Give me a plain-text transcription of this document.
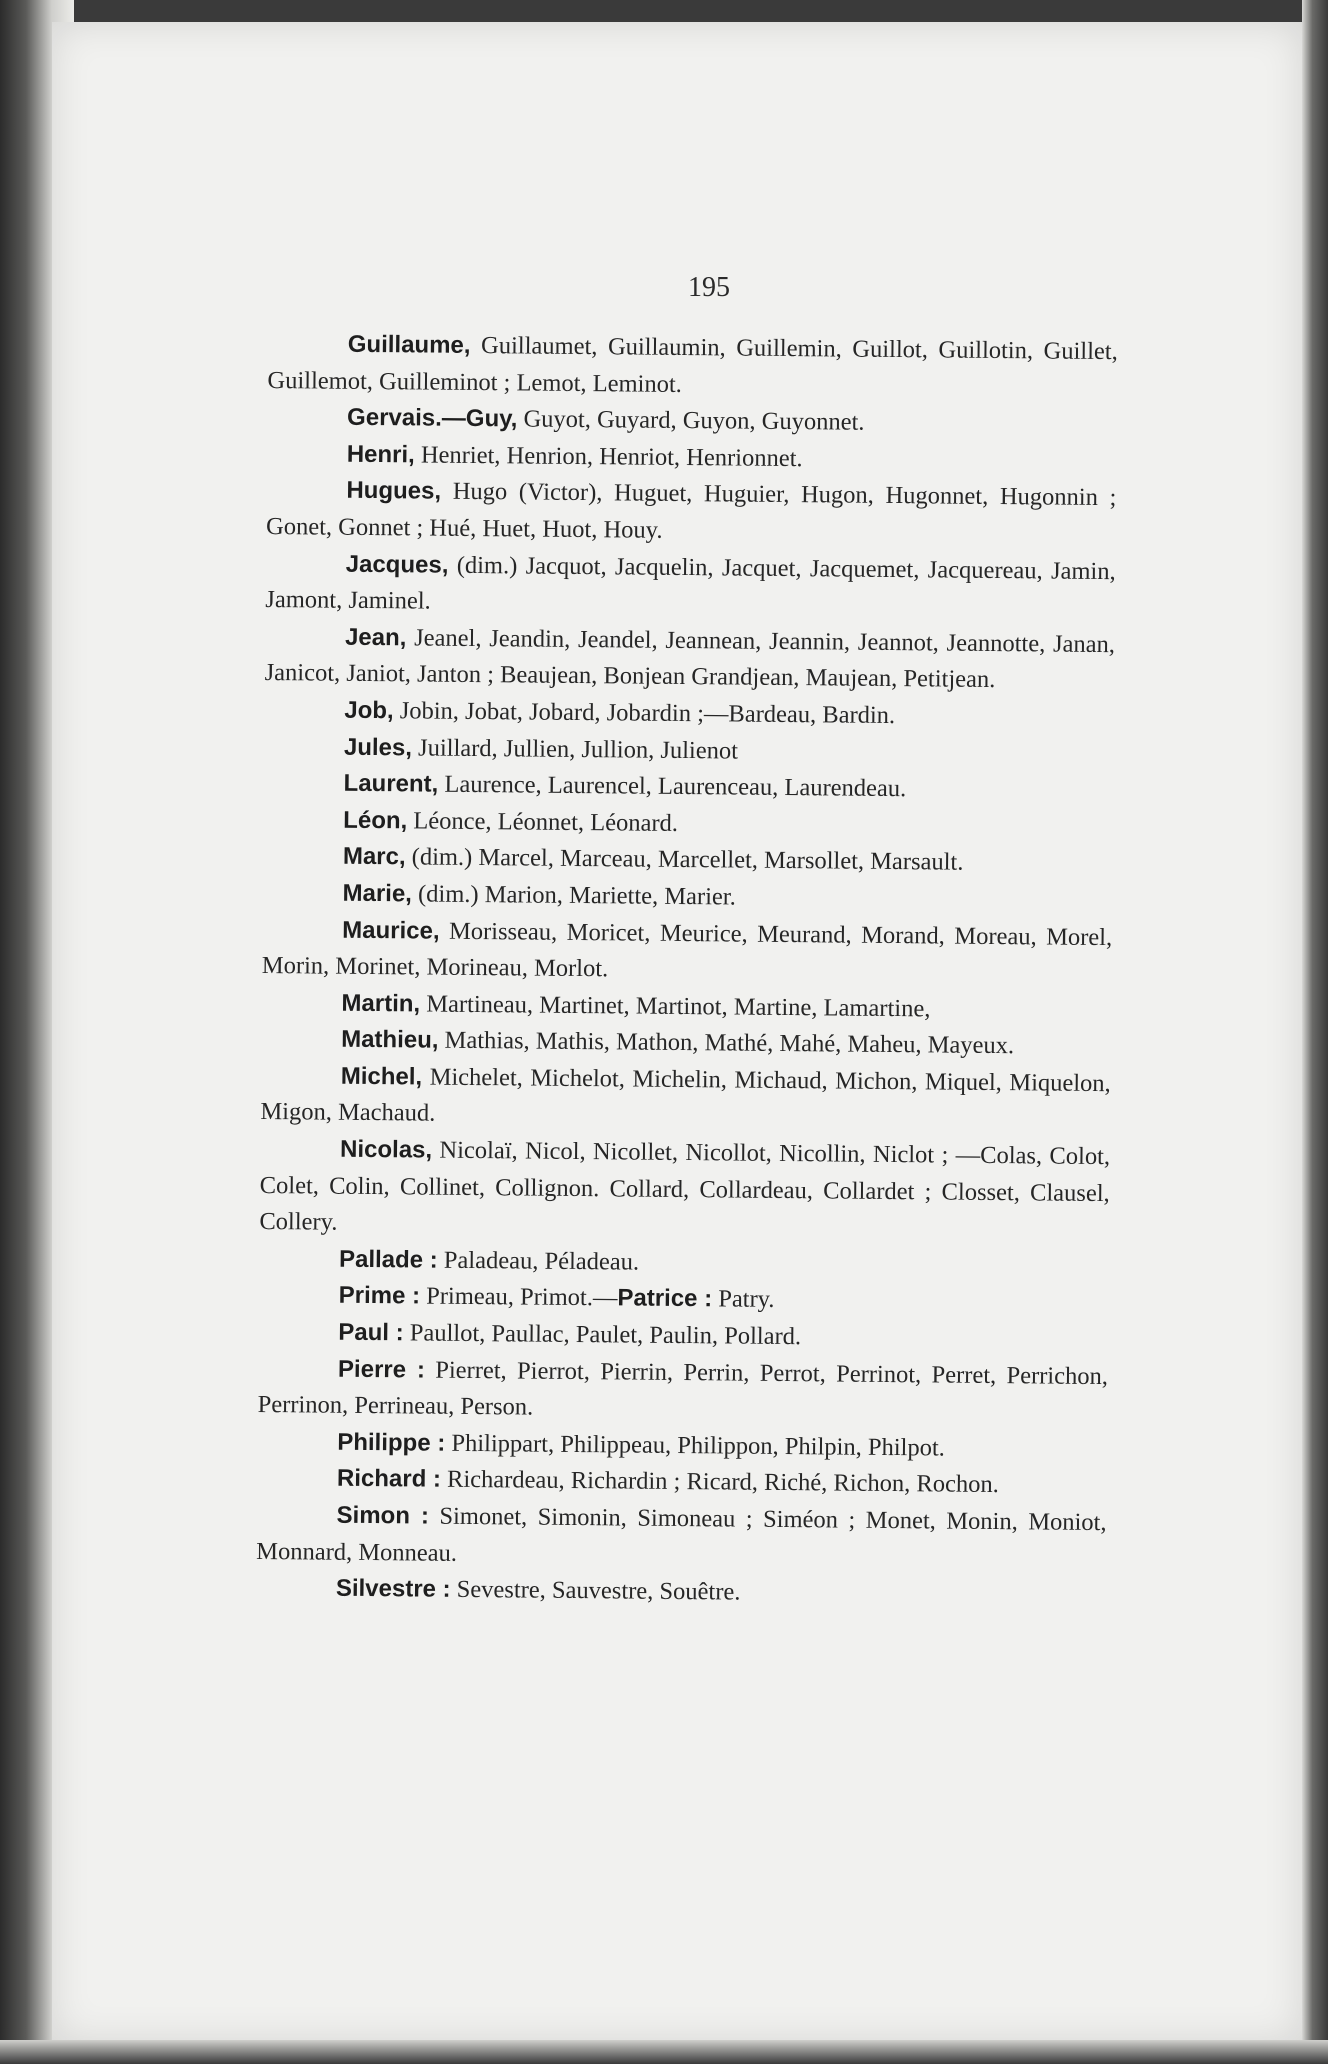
195

Guillaume, Guillaumet, Guillaumin, Guillemin, Guillot, Guillotin, Guillet, Guillemot, Guilleminot ; Lemot, Leminot.

Gervais.—Guy, Guyot, Guyard, Guyon, Guyonnet.

Henri, Henriet, Henrion, Henriot, Henrionnet.

Hugues, Hugo (Victor), Huguet, Huguier, Hugon, Hugonnet, Hugonnin ; Gonet, Gonnet ; Hué, Huet, Huot, Houy.

Jacques, (dim.) Jacquot, Jacquelin, Jacquet, Jacquemet, Jacquereau, Jamin, Jamont, Jaminel.

Jean, Jeanel, Jeandin, Jeandel, Jeannean, Jeannin, Jeannot, Jeannotte, Janan, Janicot, Janiot, Janton ; Beaujean, Bonjean Grandjean, Maujean, Petitjean.

Job, Jobin, Jobat, Jobard, Jobardin ;—Bardeau, Bardin.

Jules, Juillard, Jullien, Jullion, Julienot

Laurent, Laurence, Laurencel, Laurenceau, Laurendeau.

Léon, Léonce, Léonnet, Léonard.

Marc, (dim.) Marcel, Marceau, Marcellet, Marsollet, Marsault.

Marie, (dim.) Marion, Mariette, Marier.

Maurice, Morisseau, Moricet, Meurice, Meurand, Morand, Moreau, Morel, Morin, Morinet, Morineau, Morlot.

Martin, Martineau, Martinet, Martinot, Martine, Lamartine,

Mathieu, Mathias, Mathis, Mathon, Mathé, Mahé, Maheu, Mayeux.

Michel, Michelet, Michelot, Michelin, Michaud, Michon, Miquel, Miquelon, Migon, Machaud.

Nicolas, Nicolaï, Nicol, Nicollet, Nicollot, Nicollin, Niclot ; —Colas, Colot, Colet, Colin, Collinet, Collignon. Collard, Collardeau, Collardet ; Closset, Clausel, Collery.

Pallade : Paladeau, Péladeau.

Prime : Primeau, Primot.—Patrice : Patry.

Paul : Paullot, Paullac, Paulet, Paulin, Pollard.

Pierre : Pierret, Pierrot, Pierrin, Perrin, Perrot, Perrinot, Perret, Perrichon, Perrinon, Perrineau, Person.

Philippe : Philippart, Philippeau, Philippon, Philpin, Philpot.

Richard : Richardeau, Richardin ; Ricard, Riché, Richon, Rochon.

Simon : Simonet, Simonin, Simoneau ; Siméon ; Monet, Monin, Moniot, Monnard, Monneau.

Silvestre : Sevestre, Sauvestre, Souêtre.
